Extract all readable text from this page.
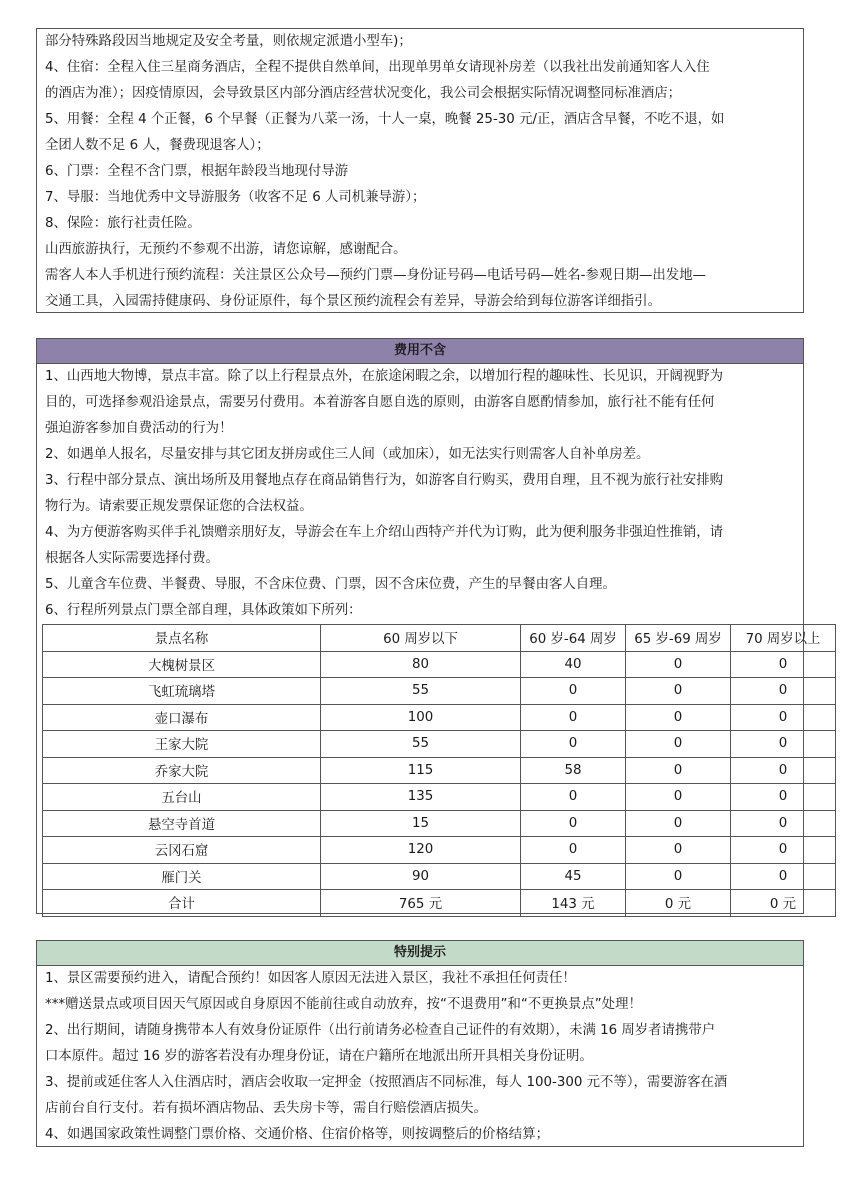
部分特殊路段因当地规定及安全考量，则依规定派遣小型车)；
4、住宿：全程入住三星商务酒店，全程不提供自然单间，出现单男单女请现补房差（以我社出发前通知客人入住
的酒店为准）；因疫情原因，会导致景区内部分酒店经营状况变化，我公司会根据实际情况调整同标准酒店；
5、用餐：全程 4 个正餐，6 个早餐（正餐为八菜一汤，十人一桌，晚餐 25-30 元/正，酒店含早餐，不吃不退，如
全团人数不足 6 人，餐费现退客人）；
6、门票：全程不含门票，根据年龄段当地现付导游
7、导服：当地优秀中文导游服务（收客不足 6 人司机兼导游）；
8、保险：旅行社责任险。
山西旅游执行，无预约不参观不出游，请您谅解，感谢配合。
需客人本人手机进行预约流程：关注景区公众号—预约门票—身份证号码—电话号码—姓名-参观日期—出发地—
交通工具，入园需持健康码、身份证原件，每个景区预约流程会有差异，导游会给到每位游客详细指引。
费用不含
1、山西地大物博，景点丰富。除了以上行程景点外，在旅途闲暇之余，以增加行程的趣味性、长见识，开阔视野为
目的，可选择参观沿途景点，需要另付费用。本着游客自愿自选的原则，由游客自愿酌情参加，旅行社不能有任何
强迫游客参加自费活动的行为！
2、如遇单人报名，尽量安排与其它团友拼房或住三人间（或加床），如无法实行则需客人自补单房差。
3、行程中部分景点、演出场所及用餐地点存在商品销售行为，如游客自行购买，费用自理，且不视为旅行社安排购
物行为。请索要正规发票保证您的合法权益。
4、为方便游客购买伴手礼馈赠亲朋好友，导游会在车上介绍山西特产并代为订购，此为便利服务非强迫性推销，请
根据各人实际需要选择付费。
5、儿童含车位费、半餐费、导服，不含床位费、门票，因不含床位费，产生的早餐由客人自理。
6、行程所列景点门票全部自理，具体政策如下所列：
景点名称	60 周岁以下	60 岁-64 周岁	65 岁-69 周岁	70 周岁以上
大槐树景区	80	40	0	0
飞虹琉璃塔	55	0	0	0
壶口瀑布	100	0	0	0
王家大院	55	0	0	0
乔家大院	115	58	0	0
五台山	135	0	0	0
悬空寺首道	15	0	0	0
云冈石窟	120	0	0	0
雁门关	90	45	0	0
合计	765 元	143 元	0 元	0 元
特别提示
1、景区需要预约进入，请配合预约！如因客人原因无法进入景区，我社不承担任何责任！
***赠送景点或项目因天气原因或自身原因不能前往或自动放弃，按“不退费用”和“不更换景点”处理！
2、出行期间，请随身携带本人有效身份证原件（出行前请务必检查自己证件的有效期），未满 16 周岁者请携带户
口本原件。超过 16 岁的游客若没有办理身份证，请在户籍所在地派出所开具相关身份证明。
3、提前或延住客人入住酒店时，酒店会收取一定押金（按照酒店不同标准，每人 100-300 元不等），需要游客在酒
店前台自行支付。若有损坏酒店物品、丢失房卡等，需自行赔偿酒店损失。
4、如遇国家政策性调整门票价格、交通价格、住宿价格等，则按调整后的价格结算；
